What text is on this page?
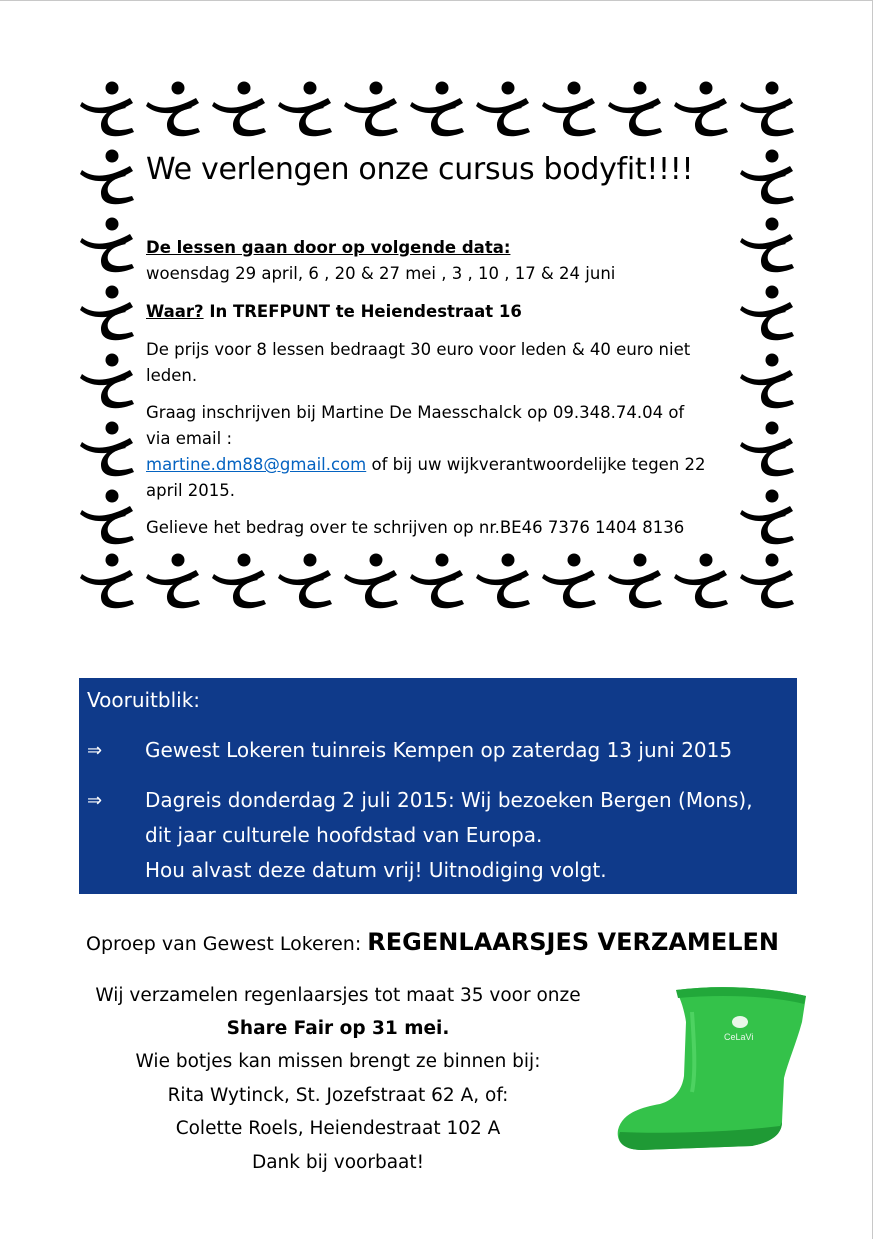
We verlengen onze cursus bodyfit!!!!
De lessen gaan door op volgende data:
woensdag 29 april, 6 , 20 & 27 mei , 3 , 10 , 17 & 24 juni
Waar? In TREFPUNT te Heiendestraat 16
De prijs voor 8 lessen bedraagt 30 euro voor leden & 40 euro niet
leden.
Graag inschrijven bij Martine De Maesschalck op 09.348.74.04 of
via email :
martine.dm88@gmail.com of bij uw wijkverantwoordelijke tegen 22
april 2015.
Gelieve het bedrag over te schrijven op nr.BE46 7376 1404 8136
Vooruitblik:
⇒ Gewest Lokeren tuinreis Kempen op zaterdag 13 juni 2015
⇒ Dagreis donderdag 2 juli 2015: Wij bezoeken Bergen (Mons),
dit jaar culturele hoofdstad van Europa.
Hou alvast deze datum vrij! Uitnodiging volgt.
Oproep van Gewest Lokeren: REGENLAARSJES VERZAMELEN
Wij verzamelen regenlaarsjes tot maat 35 voor onze
Share Fair op 31 mei.
Wie botjes kan missen brengt ze binnen bij:
Rita Wytinck, St. Jozefstraat 62 A, of:
Colette Roels, Heiendestraat 102 A
Dank bij voorbaat!
CeLaVi
